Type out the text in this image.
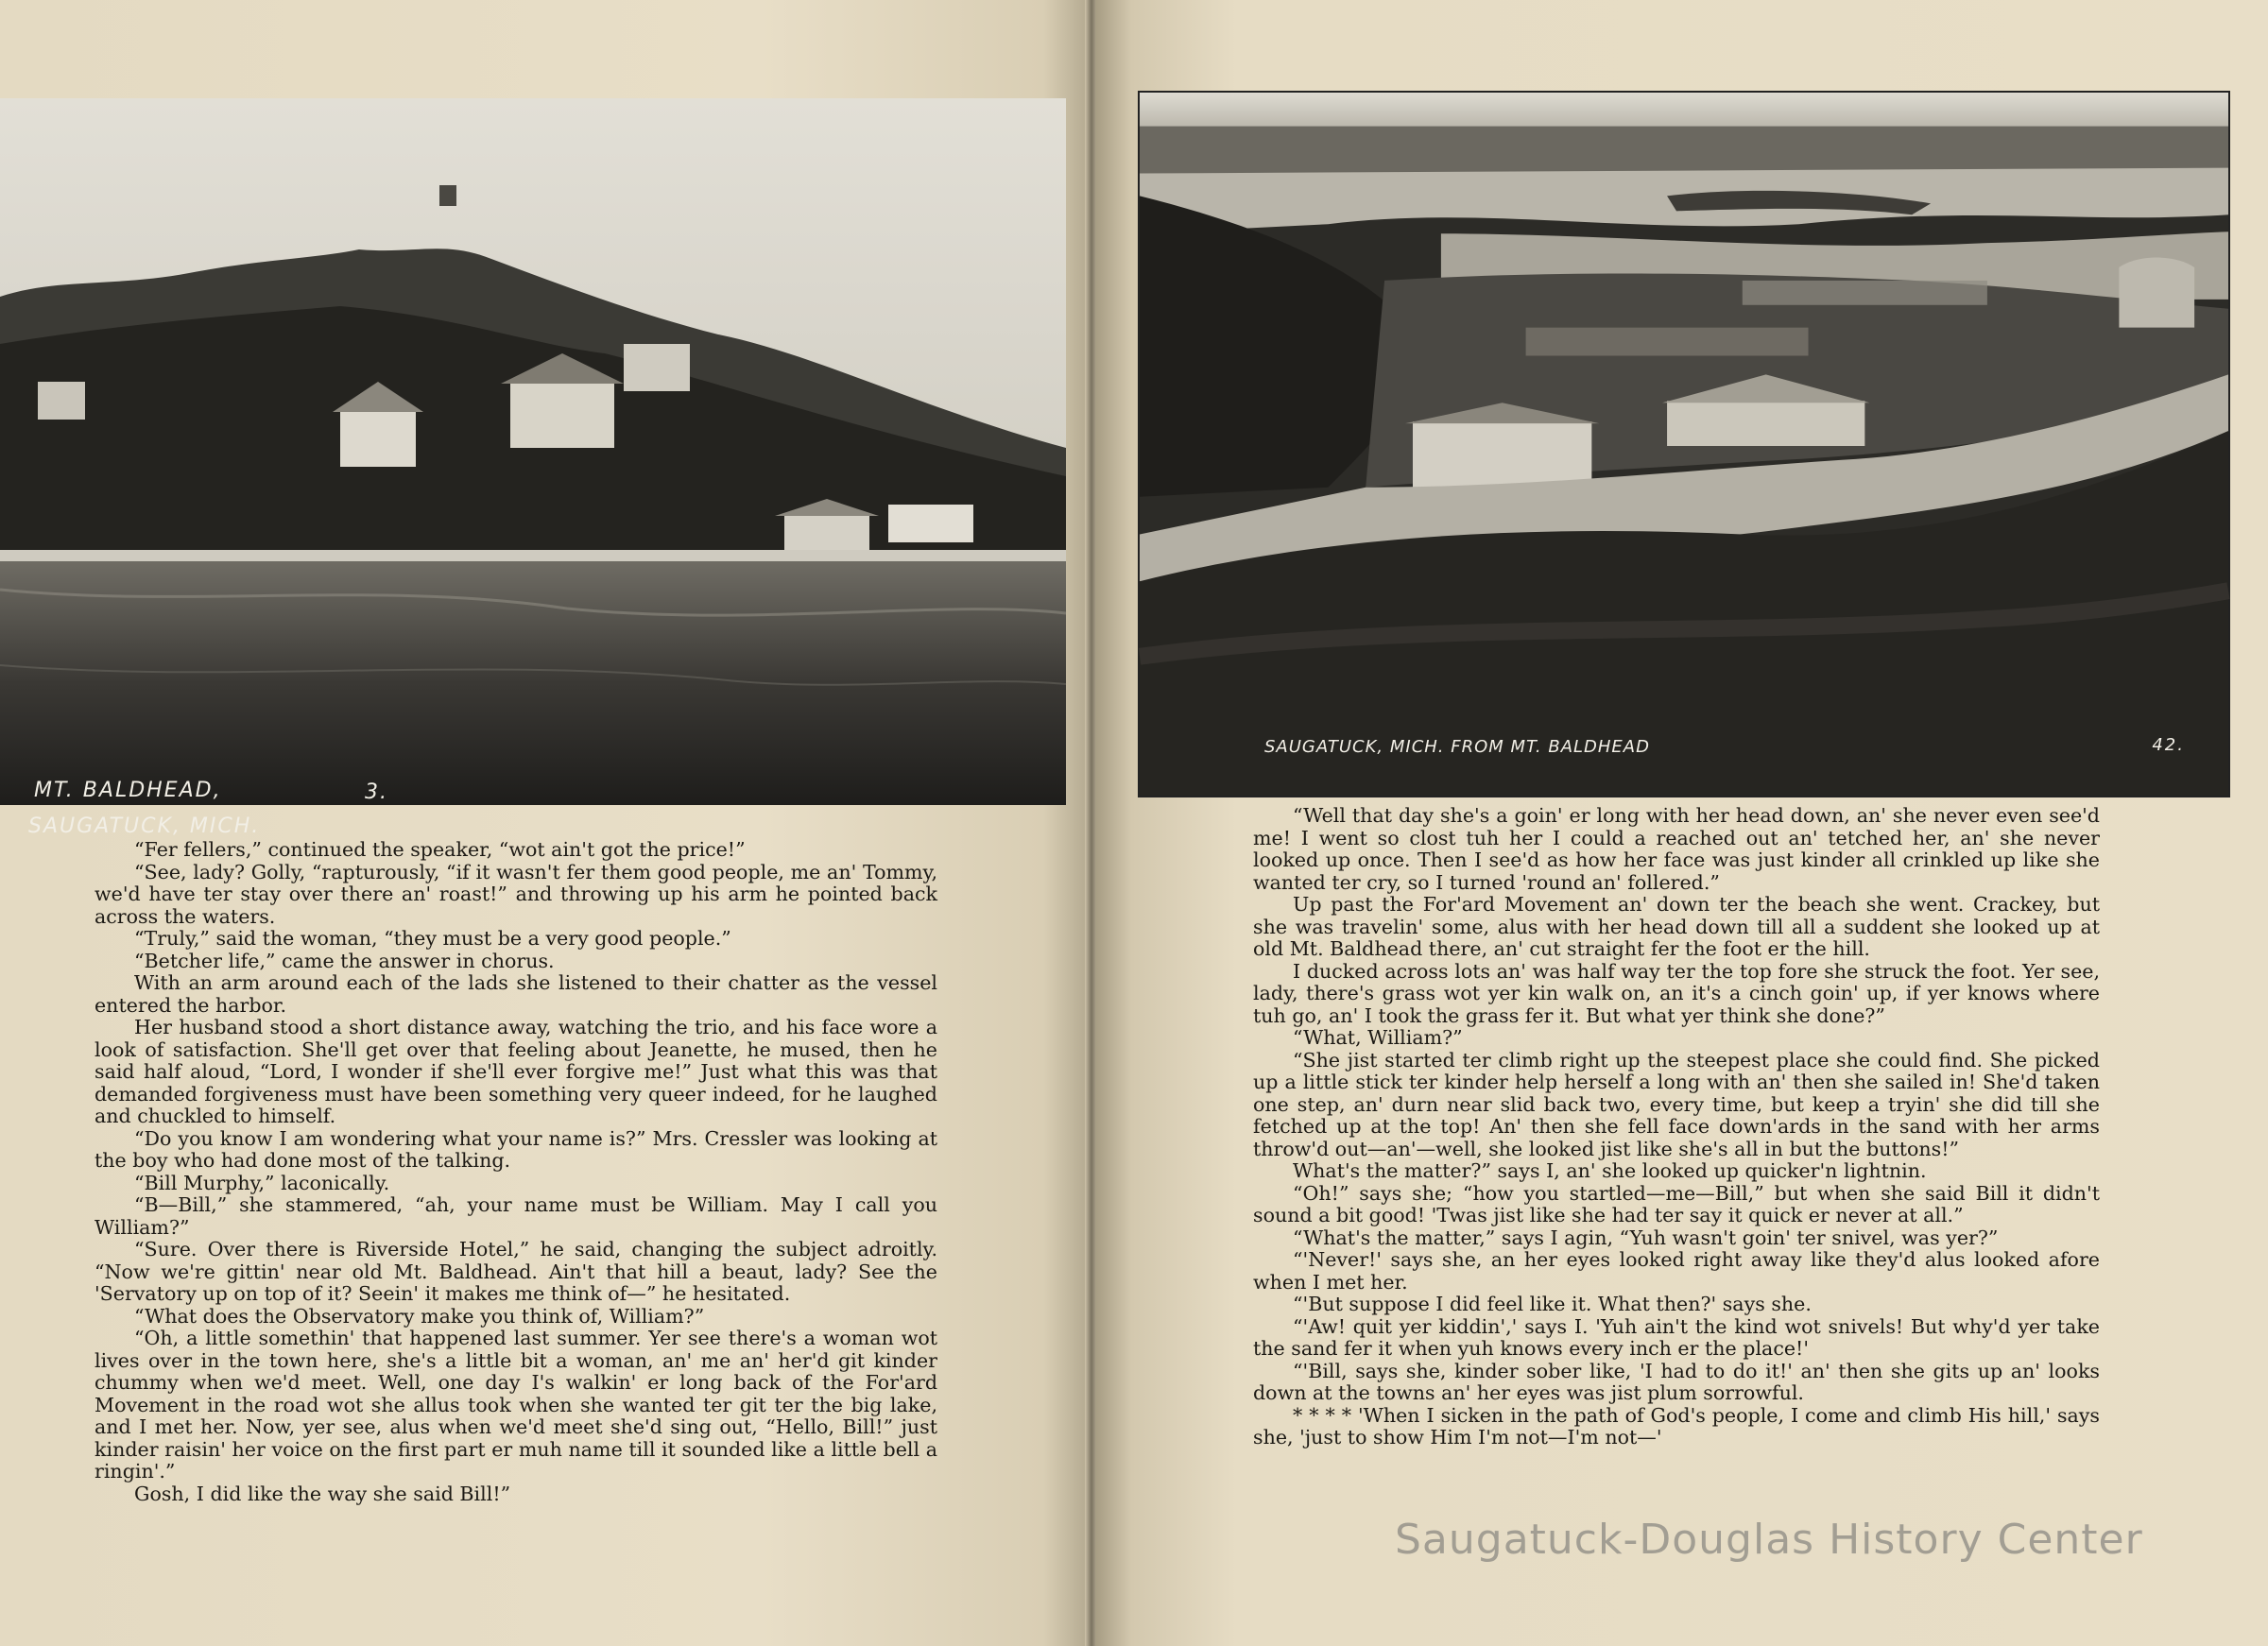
MT. BALDHEAD,
SAUGATUCK, MICH.
3.

“Fer fellers,” continued the speaker, “wot ain't got the price!”

“See, lady? Golly, “rapturously, “if it wasn't fer them good people, me an' Tommy, we'd have ter stay over there an' roast!” and throwing up his arm he pointed back across the waters.

“Truly,” said the woman, “they must be a very good people.”

“Betcher life,” came the answer in chorus.

With an arm around each of the lads she listened to their chatter as the vessel entered the harbor.

Her husband stood a short distance away, watching the trio, and his face wore a look of satisfaction. She'll get over that feeling about Jeanette, he mused, then he said half aloud, “Lord, I wonder if she'll ever forgive me!” Just what this was that demanded forgiveness must have been something very queer indeed, for he laughed and chuckled to himself.

“Do you know I am wondering what your name is?” Mrs. Cressler was looking at the boy who had done most of the talking.

“Bill Murphy,” laconically.

“B—Bill,” she stammered, “ah, your name must be William. May I call you William?”

“Sure. Over there is Riverside Hotel,” he said, changing the subject adroitly. “Now we're gittin' near old Mt. Baldhead. Ain't that hill a beaut, lady? See the 'Servatory up on top of it? Seein' it makes me think of—” he hesitated.

“What does the Observatory make you think of, William?”

“Oh, a little somethin' that happened last summer. Yer see there's a woman wot lives over in the town here, she's a little bit a woman, an' me an' her'd git kinder chummy when we'd meet. Well, one day I's walkin' er long back of the For'ard Movement in the road wot she allus took when she wanted ter git ter the big lake, and I met her. Now, yer see, alus when we'd meet she'd sing out, “Hello, Bill!” just kinder raisin' her voice on the first part er muh name till it sounded like a little bell a ringin'.”

Gosh, I did like the way she said Bill!”

SAUGATUCK, MICH. FROM MT. BALDHEAD	42.

“Well that day she's a goin' er long with her head down, an' she never even see'd me! I went so clost tuh her I could a reached out an' tetched her, an' she never looked up once. Then I see'd as how her face was just kinder all crinkled up like she wanted ter cry, so I turned 'round an' follered.”

Up past the For'ard Movement an' down ter the beach she went. Crackey, but she was travelin' some, alus with her head down till all a suddent she looked up at old Mt. Baldhead there, an' cut straight fer the foot er the hill.

I ducked across lots an' was half way ter the top fore she struck the foot. Yer see, lady, there's grass wot yer kin walk on, an it's a cinch goin' up, if yer knows where tuh go, an' I took the grass fer it. But what yer think she done?”

“What, William?”

“She jist started ter climb right up the steepest place she could find. She picked up a little stick ter kinder help herself a long with an' then she sailed in! She'd taken one step, an' durn near slid back two, every time, but keep a tryin' she did till she fetched up at the top! An' then she fell face down'ards in the sand with her arms throw'd out—an'—well, she looked jist like she's all in but the buttons!”

What's the matter?” says I, an' she looked up quicker'n lightnin.

“Oh!” says she; “how you startled—me—Bill,” but when she said Bill it didn't sound a bit good! 'Twas jist like she had ter say it quick er never at all.”

“What's the matter,” says I agin, “Yuh wasn't goin' ter snivel, was yer?”

“'Never!' says she, an her eyes looked right away like they'd alus looked afore when I met her.

“'But suppose I did feel like it. What then?' says she.

“'Aw! quit yer kiddin',' says I. 'Yuh ain't the kind wot snivels! But why'd yer take the sand fer it when yuh knows every inch er the place!'

“'Bill, says she, kinder sober like, 'I had to do it!' an' then she gits up an' looks down at the towns an' her eyes was jist plum sorrowful.

* * * * 'When I sicken in the path of God's people, I come and climb His hill,' says she, 'just to show Him I'm not—I'm not—'

Saugatuck-Douglas History Center
